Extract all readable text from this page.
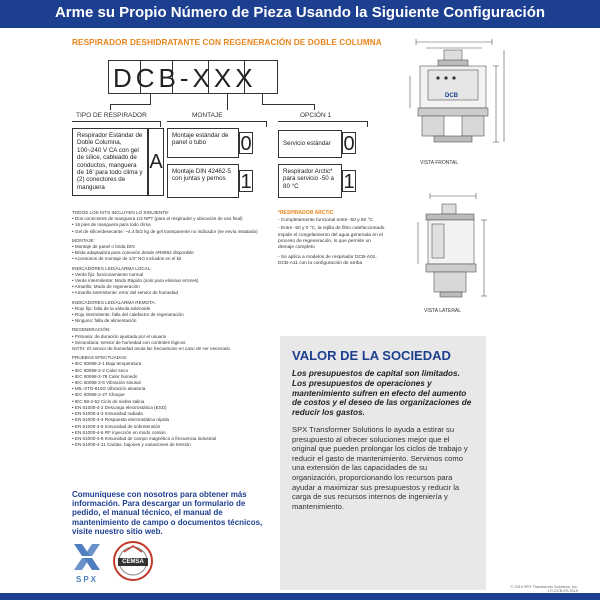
Arme su Propio Número de Pieza Usando la Siguiente Configuración
RESPIRADOR DESHIDRATANTE CON REGENERACIÓN DE DOBLE COLUMNA
DCB-XXX
TIPO DE RESPIRADOR	MONTAJE	OPCIÓN 1
Respirador Estándar de Doble Columna, 100~240 V CA con gel de sílice, cableado de conductos, manguera de 16' para todo clima y (2) conectores de manguera
A
Montaje estándar de panel o tubo	0
Montaje DIN 42462-5 con juntas y pernos 1
Servicio estándar 0
Respirador Arctic* para servicio -50 a 80 °C	1
TODOS LOS KITS INCLUYEN LO SIGUIENTE:
• Dos conectores de manguera 1/2 NPT (para el respirador y ubicación de uso final)
• 16 pies de manguera para todo clima
• Gel de sílice/desecante: ~4,4 lb/2 kg de gel transparente no indicador (se envía instalado)
MONTAJE:
• Montaje de panel o brida DIN
• Brida adaptadora para conexión desde AR0862 disponible
• Accesorios de montaje de 1/4" NO incluidos en el kit
INDICADORES LED/ALARMA LOCAL:
• Verde fijo: funcionamiento normal
• Verde intermitente: Modo Rápido (solo para eliminar errores)
• Amarillo: Modo de regeneración
• Amarillo intermitente: error del sensor de humedad
INDICADORES LED/ALARMA REMOTA:
• Rojo fijo: falla de la válvula solenoide
• Rojo intermitente: falla del calefactor de regeneración
• Ninguno: falla de alimentación
REGENERACIÓN:
• Primaria: de duración ajustada por el usuario
• Secundaria: sensor de humedad con controles lógicos
NOTA: El sensor de humedad anula las frecuencias en caso de ser necesario
PRUEBAS EFECTUADAS:
• IEC 60068-2-1 Baja temperatura
• IEC 60068-2-2 Calor seco
• IEC 60068-2-78 Calor húmedo
• IEC 60068-2-6 Vibración sinusal
• MIL-STD-810G Vibración aleatoria
• IEC 60068-2-27 Choque
• IEC 68-2-52 Ciclo de niebla salina
• EN 61000-4-2 Descarga electrostática (ESD)
• EN 61000-4-3 Inmunidad radiada
• EN 61000-4-4 Respuesta electrostática rápida
• EN 61000-4-5 Inmunidad de sobretensión
• EN 61000-4-6 RF inyección en modo común
• EN 61000-4-8 Inmunidad de campo magnético a frecuencia industrial
• EN 61000-4-11 Caídas, bajones y variaciones de tensión
*RESPIRADOR ARCTIC
- Completamente funcional entre -50 y 80 °C
- Entre -50 y 0 °C, la rejilla de filtro calefaccionado impide el congelamiento del agua generada en el proceso de regeneración, lo que permite un drenaje completo
- Se aplica a modelos de respirador DCB-A01, DCB-A11 con la configuración de arriba
DCB
VISTA FRONTAL
VISTA LATERAL
Comuníquese con nosotros para obtener más información. Para descargar un formulario de pedido, el manual técnico, el manual de mantenimiento de campo o documentos técnicos, visite nuestro sitio web.
SPX
CEMSA
VALOR DE LA SOCIEDAD
Los presupuestos de capital son limitados. Los presupuestos de operaciones y mantenimiento sufren en efecto del aumento de costos y el deseo de las organizaciones de reducir los gastos.
SPX Transformer Solutions lo ayuda a estirar su presupuesto al ofrecer soluciones mejor que el original que pueden prolongar los ciclos de trabajo y reducir el gasto de mantenimiento. Servimos como una extensión de las capacidades de su organización, proporcionando los recursos para ayudar a maximizar sus presupuestos y reducir la carga de sus recursos internos de ingeniería y mantenimiento.
© 2019 SPX Transformer Solutions, Inc.
LIT-DCB-ES-0119
